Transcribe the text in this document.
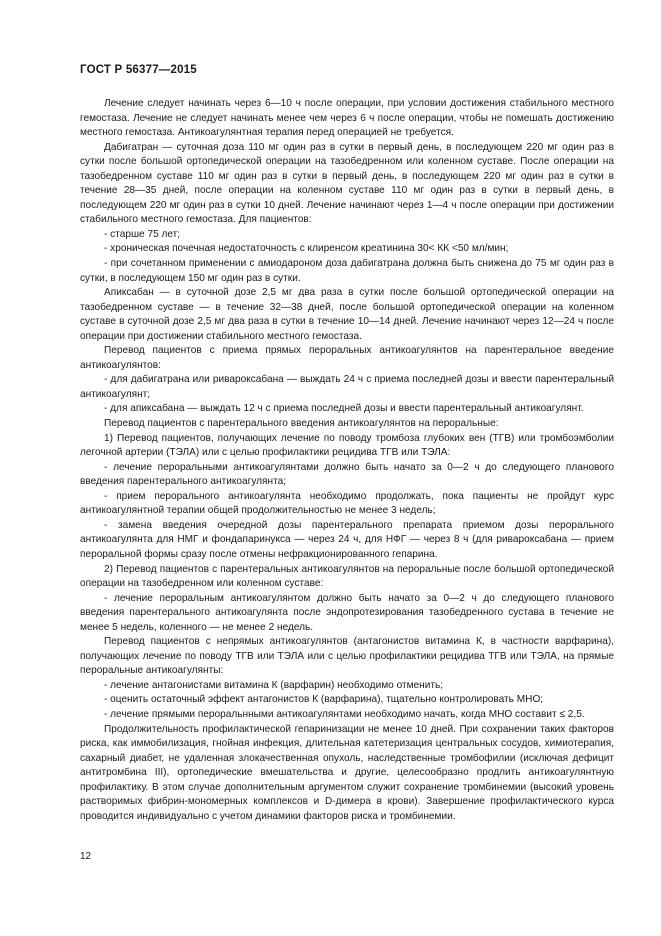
ГОСТ Р 56377—2015

Лечение следует начинать через 6—10 ч после операции, при условии достижения стабильного местного гемостаза. Лечение не следует начинать менее чем через 6 ч после операции, чтобы не помешать достижению местного гемостаза. Антикоагулянтная терапия перед операцией не требуется.

Дабигатран — суточная доза 110 мг один раз в сутки в первый день, в последующем 220 мг один раз в сутки после большой ортопедической операции на тазобедренном или коленном суставе. После операции на тазобедренном суставе 110 мг один раз в сутки в первый день, в последующем 220 мг один раз в сутки в течение 28—35 дней, после операции на коленном суставе 110 мг один раз в сутки в первый день, в последующем 220 мг один раз в сутки 10 дней. Лечение начинают через 1—4 ч после операции при достижении стабильного местного гемостаза. Для пациентов:

- старше 75 лет;

- хроническая почечная недостаточность с клиренсом креатинина 30< КК <50 мл/мин;

- при сочетанном применении с амиодароном доза дабигатрана должна быть снижена до 75 мг один раз в сутки, в последующем 150 мг один раз в сутки.

Апиксабан — в суточной дозе 2,5 мг два раза в сутки после большой ортопедической операции на тазобедренном суставе — в течение 32—38 дней, после большой ортопедической операции на коленном суставе в суточной дозе 2,5 мг два раза в сутки в течение 10—14 дней. Лечение начинают через 12—24 ч после операции при достижении стабильного местного гемостаза.

Перевод пациентов с приема прямых пероральных антикоагулянтов на парентеральное введение антикоагулянтов:

- для дабигатрана или ривароксабана — выждать 24 ч с приема последней дозы и ввести парентеральный антикоагулянт;

- для апиксабана — выждать 12 ч с приема последней дозы и ввести парентеральный антикоагулянт.

Перевод пациентов с парентерального введения антикоагулянтов на пероральные:

1) Перевод пациентов, получающих лечение по поводу тромбоза глубоких вен (ТГВ) или тромбоэмболии легочной артерии (ТЭЛА) или с целью профилактики рецидива ТГВ или ТЭЛА:

- лечение пероральными антикоагулянтами должно быть начато за 0—2 ч до следующего планового введения парентерального антикоагулянта;

- прием перорального антикоагулянта необходимо продолжать, пока пациенты не пройдут курс антикоагулянтной терапии общей продолжительностью не менее 3 недель;

- замена введения очередной дозы парентерального препарата приемом дозы перорального антикоагулянта для НМГ и фондапаринукса — через 24 ч, для НФГ — через 8 ч (для ривароксабана — прием пероральной формы сразу после отмены нефракционированного гепарина.

2) Перевод пациентов с парентеральных антикоагулянтов на пероральные после большой ортопедической операции на тазобедренном или коленном суставе:

- лечение пероральным антикоагулянтом должно быть начато за 0—2 ч до следующего планового введения парентерального антикоагулянта после эндопротезирования тазобедренного сустава в течение не менее 5 недель, коленного — не менее 2 недель.

Перевод пациентов с непрямых антикоагулянтов (антагонистов витамина К, в частности варфарина), получающих лечение по поводу ТГВ или ТЭЛА или с целью профилактики рецидива ТГВ или ТЭЛА, на прямые пероральные антикоагулянты:

- лечение антагонистами витамина К (варфарин) необходимо отменить;

- оценить остаточный эффект антагонистов К (варфарина), тщательно контролировать МНО;

- лечение прямыми пероральнными антикоагулянтами необходимо начать, когда МНО составит ≤ 2,5.

Продолжительность профилактической гепаринизации не менее 10 дней. При сохранении таких факторов риска, как иммобилизация, гнойная инфекция, длительная катетеризация центральных сосудов, химиотерапия, сахарный диабет, не удаленная злокачественная опухоль, наследственные тромбофилии (исключая дефицит антитромбина III), ортопедические вмешательства и другие, целесообразно продлить антикоагулянтную профилактику. В этом случае дополнительным аргументом служит сохранение тромбинемии (высокий уровень растворимых фибрин-мономерных комплексов и D-димера в крови). Завершение профилактического курса проводится индивидуально с учетом динамики факторов риска и тромбинемии.

12
